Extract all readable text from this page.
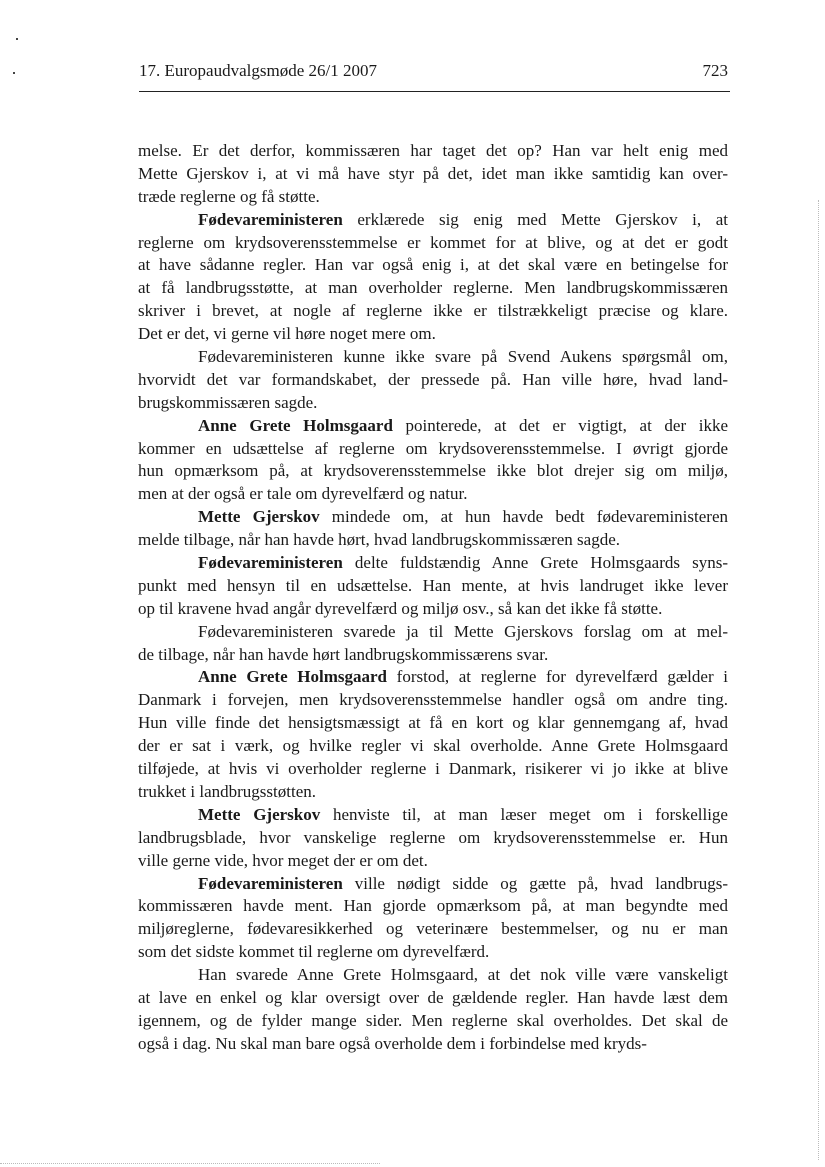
17. Europaudvalgsmøde 26/1 2007	723
melse. Er det derfor, kommissæren har taget det op? Han var helt enig med
Mette Gjerskov i, at vi må have styr på det, idet man ikke samtidig kan over-
træde reglerne og få støtte.
Fødevareministeren erklærede sig enig med Mette Gjerskov i, at
reglerne om krydsoverensstemmelse er kommet for at blive, og at det er godt
at have sådanne regler. Han var også enig i, at det skal være en betingelse for
at få landbrugsstøtte, at man overholder reglerne. Men landbrugskommissæren
skriver i brevet, at nogle af reglerne ikke er tilstrækkeligt præcise og klare.
Det er det, vi gerne vil høre noget mere om.
Fødevareministeren kunne ikke svare på Svend Aukens spørgsmål om,
hvorvidt det var formandskabet, der pressede på. Han ville høre, hvad land-
brugskommissæren sagde.
Anne Grete Holmsgaard pointerede, at det er vigtigt, at der ikke
kommer en udsættelse af reglerne om krydsoverensstemmelse. I øvrigt gjorde
hun opmærksom på, at krydsoverensstemmelse ikke blot drejer sig om miljø,
men at der også er tale om dyrevelfærd og natur.
Mette Gjerskov mindede om, at hun havde bedt fødevareministeren
melde tilbage, når han havde hørt, hvad landbrugskommissæren sagde.
Fødevareministeren delte fuldstændig Anne Grete Holmsgaards syns-
punkt med hensyn til en udsættelse. Han mente, at hvis landruget ikke lever
op til kravene hvad angår dyrevelfærd og miljø osv., så kan det ikke få støtte.
Fødevareministeren svarede ja til Mette Gjerskovs forslag om at mel-
de tilbage, når han havde hørt landbrugskommissærens svar.
Anne Grete Holmsgaard forstod, at reglerne for dyrevelfærd gælder i
Danmark i forvejen, men krydsoverensstemmelse handler også om andre ting.
Hun ville finde det hensigtsmæssigt at få en kort og klar gennemgang af, hvad
der er sat i værk, og hvilke regler vi skal overholde. Anne Grete Holmsgaard
tilføjede, at hvis vi overholder reglerne i Danmark, risikerer vi jo ikke at blive
trukket i landbrugsstøtten.
Mette Gjerskov henviste til, at man læser meget om i forskellige
landbrugsblade, hvor vanskelige reglerne om krydsoverensstemmelse er. Hun
ville gerne vide, hvor meget der er om det.
Fødevareministeren ville nødigt sidde og gætte på, hvad landbrugs-
kommissæren havde ment. Han gjorde opmærksom på, at man begyndte med
miljøreglerne, fødevaresikkerhed og veterinære bestemmelser, og nu er man
som det sidste kommet til reglerne om dyrevelfærd.
Han svarede Anne Grete Holmsgaard, at det nok ville være vanskeligt
at lave en enkel og klar oversigt over de gældende regler. Han havde læst dem
igennem, og de fylder mange sider. Men reglerne skal overholdes. Det skal de
også i dag. Nu skal man bare også overholde dem i forbindelse med kryds-
